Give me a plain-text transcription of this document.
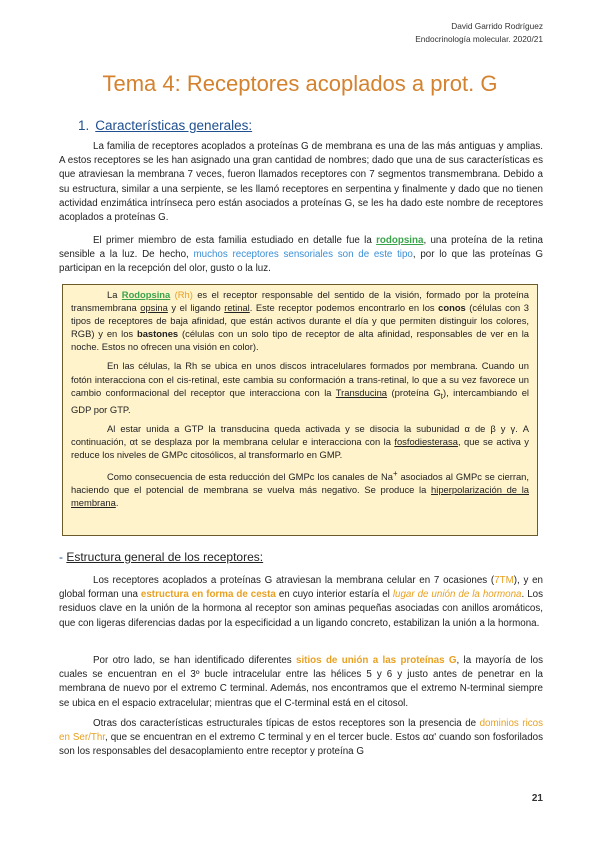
David Garrido Rodríguez
Endocrinología molecular. 2020/21
Tema 4: Receptores acoplados a prot. G
1. Características generales:

La familia de receptores acoplados a proteínas G de membrana es una de las más antiguas y amplias. A estos receptores se les han asignado una gran cantidad de nombres; dado que una de sus características es que atraviesan la membrana 7 veces, fueron llamados receptores con 7 segmentos transmembrana. Debido a su estructura, similar a una serpiente, se les llamó receptores en serpentina y finalmente y dado que no tienen actividad enzimática intrínseca pero están asociados a proteínas G, se les ha dado este nombre de receptores acoplados a proteínas G.

El primer miembro de esta familia estudiado en detalle fue la rodopsina, una proteína de la retina sensible a la luz. De hecho, muchos receptores sensoriales son de este tipo, por lo que las proteínas G participan en la recepción del olor, gusto o la luz.

La Rodopsina (Rh) es el receptor responsable del sentido de la visión, formado por la proteína transmembrana opsina y el ligando retinal. Este receptor podemos encontrarlo en los conos (células con 3 tipos de receptores de baja afinidad, que están activos durante el día y que permiten distinguir los colores, RGB) y en los bastones (células con un solo tipo de receptor de alta afinidad, responsables de ver en la noche. Estos no ofrecen una visión en color).

En las células, la Rh se ubica en unos discos intracelulares formados por membrana. Cuando un fotón interacciona con el cis-retinal, este cambia su conformación a trans-retinal, lo que a su vez favorece un cambio conformacional del receptor que interacciona con la Transducina (proteína $G_t$), intercambiando el GDP por GTP.

Al estar unida a GTP la transducina queda activada y se disocia la subunidad α de β y γ. A continuación, αt se desplaza por la membrana celular e interacciona con la fosfodiesterasa, que se activa y reduce los niveles de GMPc citosólicos, al transformarlo en GMP.

Como consecuencia de esta reducción del GMPc los canales de Na+ asociados al GMPc se cierran, haciendo que el potencial de membrana se vuelva más negativo. Se produce la hiperpolarización de la membrana.

- Estructura general de los receptores:

Los receptores acoplados a proteínas G atraviesan la membrana celular en 7 ocasiones (7TM), y en global forman una estructura en forma de cesta en cuyo interior estaría el lugar de unión de la hormona. Los residuos clave en la unión de la hormona al receptor son aminas pequeñas asociadas con anillos aromáticos, que con ligeras diferencias dadas por la especificidad a un ligando concreto, estabilizan la unión a la hormona.

Por otro lado, se han identificado diferentes sitios de unión a las proteínas G, la mayoría de los cuales se encuentran en el 3º bucle intracelular entre las hélices 5 y 6 y justo antes de penetrar en la membrana de nuevo por el extremo C terminal. Además, nos encontramos que el extremo N-terminal siempre se ubica en el espacio extracelular; mientras que el C-terminal está en el citosol.

Otras dos características estructurales típicas de estos receptores son la presencia de dominios ricos en Ser/Thr, que se encuentran en el extremo C terminal y en el tercer bucle. Estos αα' cuando son fosforilados son los responsables del desacoplamiento entre receptor y proteína G

21
